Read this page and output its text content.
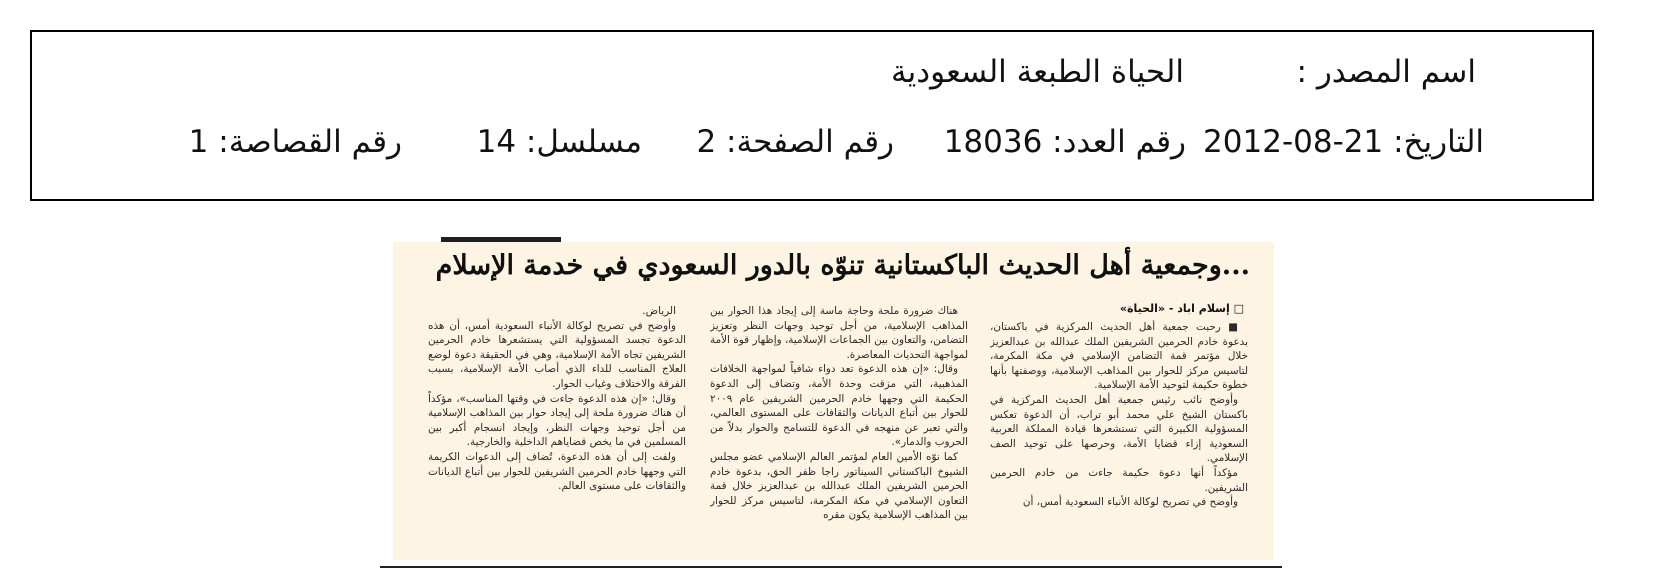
اسم المصدر :
الحياة الطبعة السعودية
التاريخ: 21-08-2012
رقم العدد: 18036
رقم الصفحة: 2
مسلسل: 14
رقم القصاصة: 1
...وجمعية أهل الحديث الباكستانية تنوّه بالدور السعودي في خدمة الإسلام
□ إسلام اباد - «الحياة»

■ رحبت جمعية أهل الحديث المركزية في باكستان، بدعوة خادم الحرمين الشريفين الملك عبدالله بن عبدالعزيز خلال مؤتمر قمة التضامن الإسلامي في مكة المكرمة، لتاسيس مركز للحوار بين المذاهب الإسلامية، ووصفتها بأنها خطوة حكيمة لتوحيد الأمة الإسلامية.

وأوضح نائب رئيس جمعية أهل الحديث المركزية في باكستان الشيخ علي محمد أبو تراب، أن الدعوة تعكس المسؤولية الكبيرة التي تستشعرها قيادة المملكة العربية السعودية إزاء قضايا الأمة، وحرصها على توحيد الصف الإسلامي.

مؤكداً أنها دعوة حكيمة جاءت من خادم الحرمين الشريفين.

وأوضح في تصريح لوكالة الأنباء السعودية أمس، أن

هناك ضرورة ملحة وحاجة ماسة إلى إيجاد هذا الحوار بين المذاهب الإسلامية، من أجل توحيد وجهات النظر وتعزيز التضامن، والتعاون بين الجماعات الإسلامية، وإظهار قوة الأمة لمواجهة التحديات المعاصرة.

وقال: «إن هذه الدعوة تعد دواء شافياً لمواجهة الخلافات المذهبية، التي مزقت وحدة الأمة، وتضاف إلى الدعوة الحكيمة التي وجهها خادم الحرمين الشريفين عام ٢٠٠٩ للحوار بين أتباع الديانات والثقافات على المستوى العالمي، والتي تعبر عن منهجه في الدعوة للتسامح والحوار بدلاً من الحروب والدمار».

كما نوّه الأمين العام لمؤتمر العالم الإسلامي عضو مجلس الشيوخ الباكستاني السيناتور راجا ظفر الحق، بدعوة خادم الحرمين الشريفين الملك عبدالله بن عبدالعزيز خلال قمة التعاون الإسلامي في مكة المكرمة، لتاسيس مركز للحوار بين المذاهب الإسلامية يكون مقره

الرياض.

وأوضح في تصريح لوكالة الأنباء السعودية أمس، أن هذه الدعوة تجسد المسؤولية التي يستشعرها خادم الحرمين الشريفين تجاه الأمة الإسلامية، وهي في الحقيقة دعوة لوضع العلاج المناسب للداء الذي أصاب الأمة الإسلامية، بسبب الفرقة والاختلاف وغياب الحوار.

وقال: «إن هذه الدعوة جاءت في وقتها المناسب»، مؤكداً أن هناك ضرورة ملحة إلى إيجاد حوار بين المذاهب الإسلامية من أجل توحيد وجهات النظر، وإيجاد انسجام أكبر بين المسلمين في ما يخص قضاياهم الداخلية والخارجية.

ولفت إلى أن هذه الدعوة، تُضاف إلى الدعوات الكريمة التي وجهها خادم الحرمين الشريفين للحوار بين أتباع الديانات والثقافات على مستوى العالم.
